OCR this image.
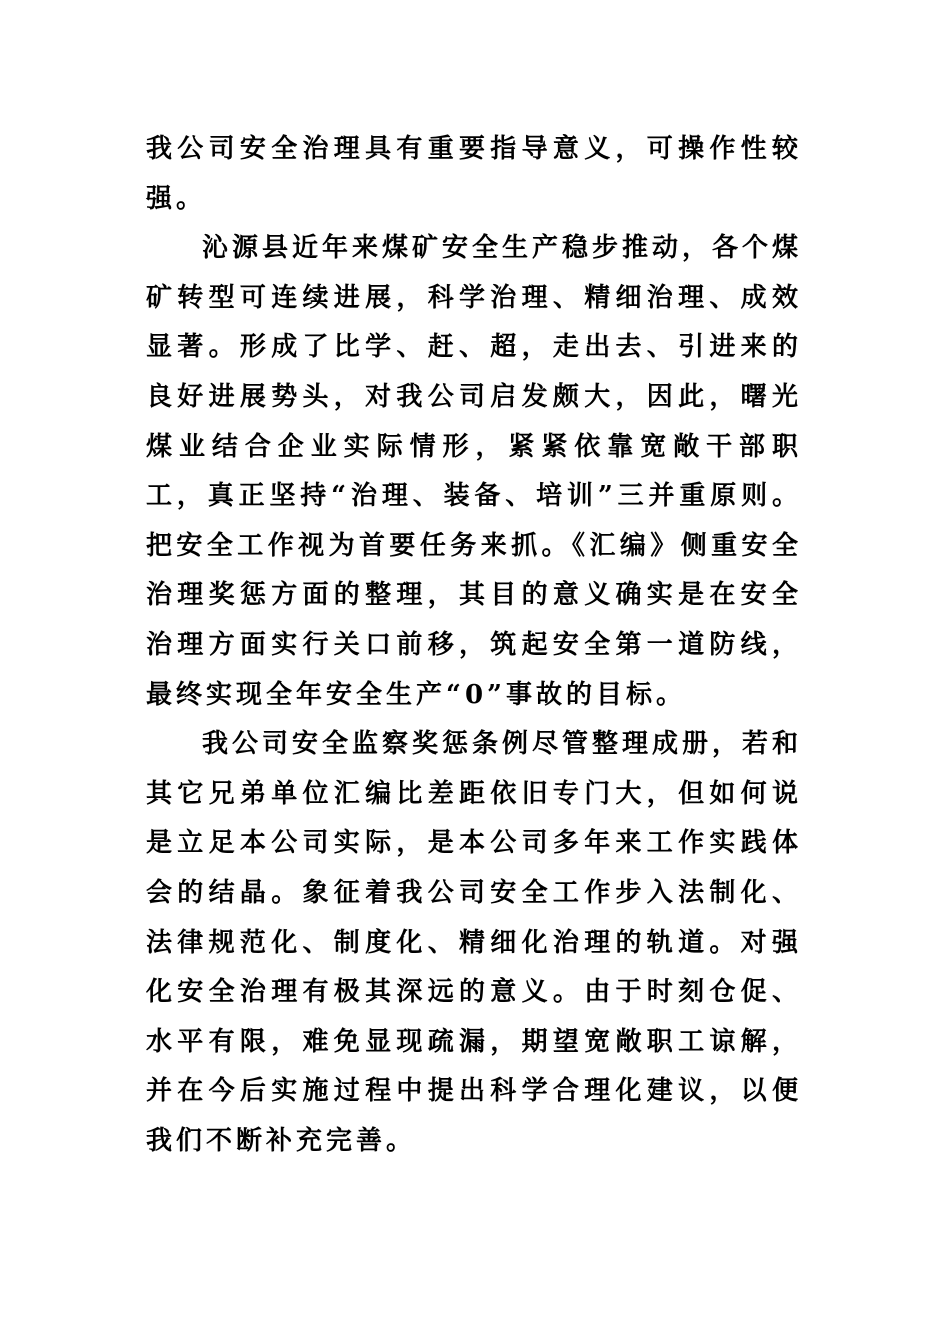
我公司安全治理具有重要指导意义，可操作性较强。

沁源县近年来煤矿安全生产稳步推动，各个煤矿转型可连续进展，科学治理、精细治理、成效显著。形成了比学、赶、超，走出去、引进来的良好进展势头，对我公司启发颇大，因此，曙光煤业结合企业实际情形，紧紧依靠宽敞干部职工，真正坚持“治理、装备、培训”三并重原则。把安全工作视为首要任务来抓。《汇编》侧重安全治理奖惩方面的整理，其目的意义确实是在安全治理方面实行关口前移，筑起安全第一道防线，最终实现全年安全生产“0”事故的目标。

我公司安全监察奖惩条例尽管整理成册，若和其它兄弟单位汇编比差距依旧专门大，但如何说是立足本公司实际，是本公司多年来工作实践体会的结晶。象征着我公司安全工作步入法制化、法律规范化、制度化、精细化治理的轨道。对强化安全治理有极其深远的意义。由于时刻仓促、水平有限，难免显现疏漏，期望宽敞职工谅解，并在今后实施过程中提出科学合理化建议，以便我们不断补充完善。
